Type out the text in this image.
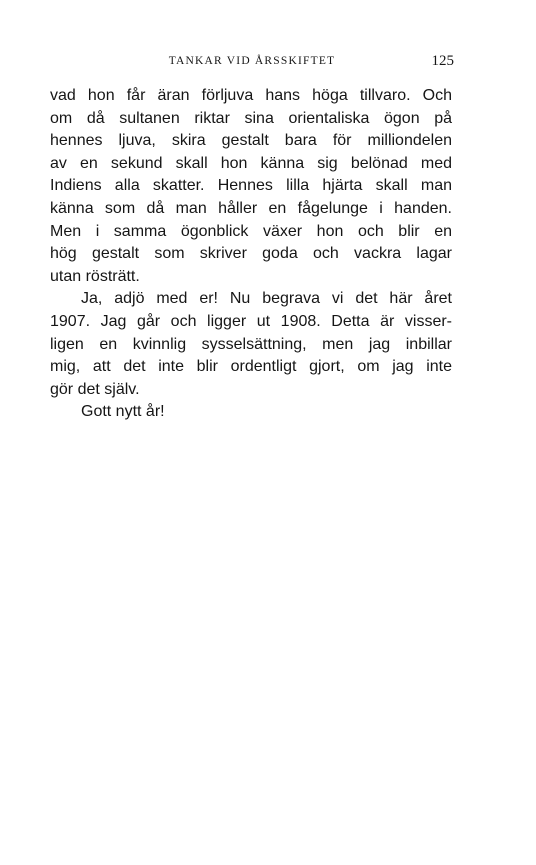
TANKAR VID ÅRSSKIFTET	125
vad hon får äran förljuva hans höga tillvaro. Och
om då sultanen riktar sina orientaliska ögon på
hennes ljuva, skira gestalt bara för milliondelen
av en sekund skall hon känna sig belönad med
Indiens alla skatter. Hennes lilla hjärta skall man
känna som då man håller en fågelunge i handen.
Men i samma ögonblick växer hon och blir en
hög gestalt som skriver goda och vackra lagar
utan rösträtt.
Ja, adjö med er! Nu begrava vi det här året
1907. Jag går och ligger ut 1908. Detta är visser-
ligen en kvinnlig sysselsättning, men jag inbillar
mig, att det inte blir ordentligt gjort, om jag inte
gör det själv.
Gott nytt år!
